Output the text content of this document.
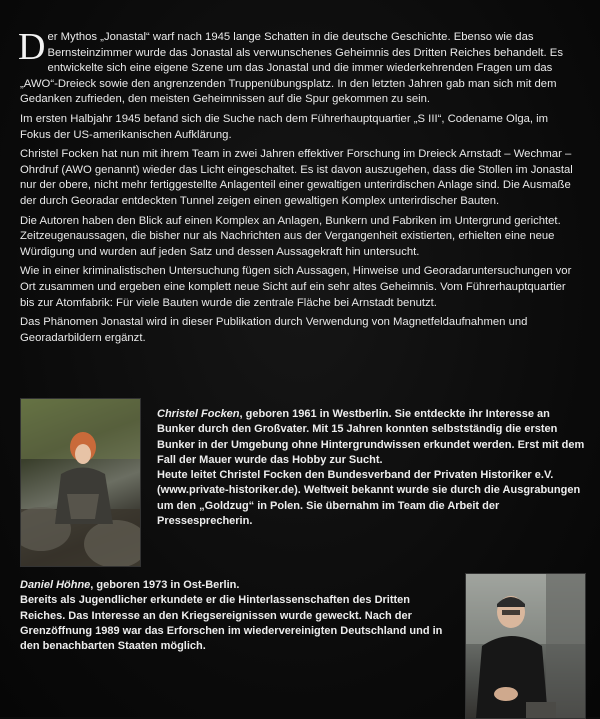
Der Mythos „Jonastal“ warf nach 1945 lange Schatten in die deutsche Geschichte. Ebenso wie das Bernsteinzimmer wurde das Jonastal als verwunschenes Geheimnis des Dritten Reiches behandelt. Es entwickelte sich eine eigene Szene um das Jonastal und die immer wiederkehrenden Fragen um das „AWO“-Dreieck sowie den angrenzenden Truppenübungsplatz. In den letzten Jahren gab man sich mit dem Gedanken zufrieden, den meisten Geheimnissen auf die Spur gekommen zu sein.

Im ersten Halbjahr 1945 befand sich die Suche nach dem Führerhauptquartier „S III“, Codename Olga, im Fokus der US-amerikanischen Aufklärung.

Christel Focken hat nun mit ihrem Team in zwei Jahren effektiver Forschung im Dreieck Arnstadt – Wechmar – Ohrdruf (AWO genannt) wieder das Licht eingeschaltet. Es ist davon auszugehen, dass die Stollen im Jonastal nur der obere, nicht mehr fertiggestellte Anlagenteil einer gewaltigen unterirdischen Anlage sind. Die Ausmaße der durch Georadar entdeckten Tunnel zeigen einen gewaltigen Komplex unterirdischer Bauten.

Die Autoren haben den Blick auf einen Komplex an Anlagen, Bunkern und Fabriken im Untergrund gerichtet. Zeitzeugenaussagen, die bisher nur als Nachrichten aus der Vergangenheit existierten, erhielten eine neue Würdigung und wurden auf jeden Satz und dessen Aussagekraft hin untersucht.

Wie in einer kriminalistischen Untersuchung fügen sich Aussagen, Hinweise und Georadaruntersuchungen vor Ort zusammen und ergeben eine komplett neue Sicht auf ein sehr altes Geheimnis. Vom Führerhauptquartier bis zur Atomfabrik: Für viele Bauten wurde die zentrale Fläche bei Arnstadt benutzt.

Das Phänomen Jonastal wird in dieser Publikation durch Verwendung von Magnetfeldaufnahmen und Georadarbildern ergänzt.

Christel Focken, geboren 1961 in Westberlin. Sie entdeckte ihr Interesse an Bunker durch den Großvater. Mit 15 Jahren konnten selbstständig die ersten Bunker in der Umgebung ohne Hintergrundwissen erkundet werden. Erst mit dem Fall der Mauer wurde das Hobby zur Sucht.
Heute leitet Christel Focken den Bundesverband der Privaten Historiker e.V. (www.private-historiker.de). Weltweit bekannt wurde sie durch die Ausgrabungen um den „Goldzug“ in Polen. Sie übernahm im Team die Arbeit der Pressesprecherin.
Daniel Höhne, geboren 1973 in Ost-Berlin.
Bereits als Jugendlicher erkundete er die Hinterlassenschaften des Dritten Reiches. Das Interesse an den Kriegsereignissen wurde geweckt. Nach der Grenzöffnung 1989 war das Erforschen im wiedervereinigten Deutschland und in den benachbarten Staaten möglich.
